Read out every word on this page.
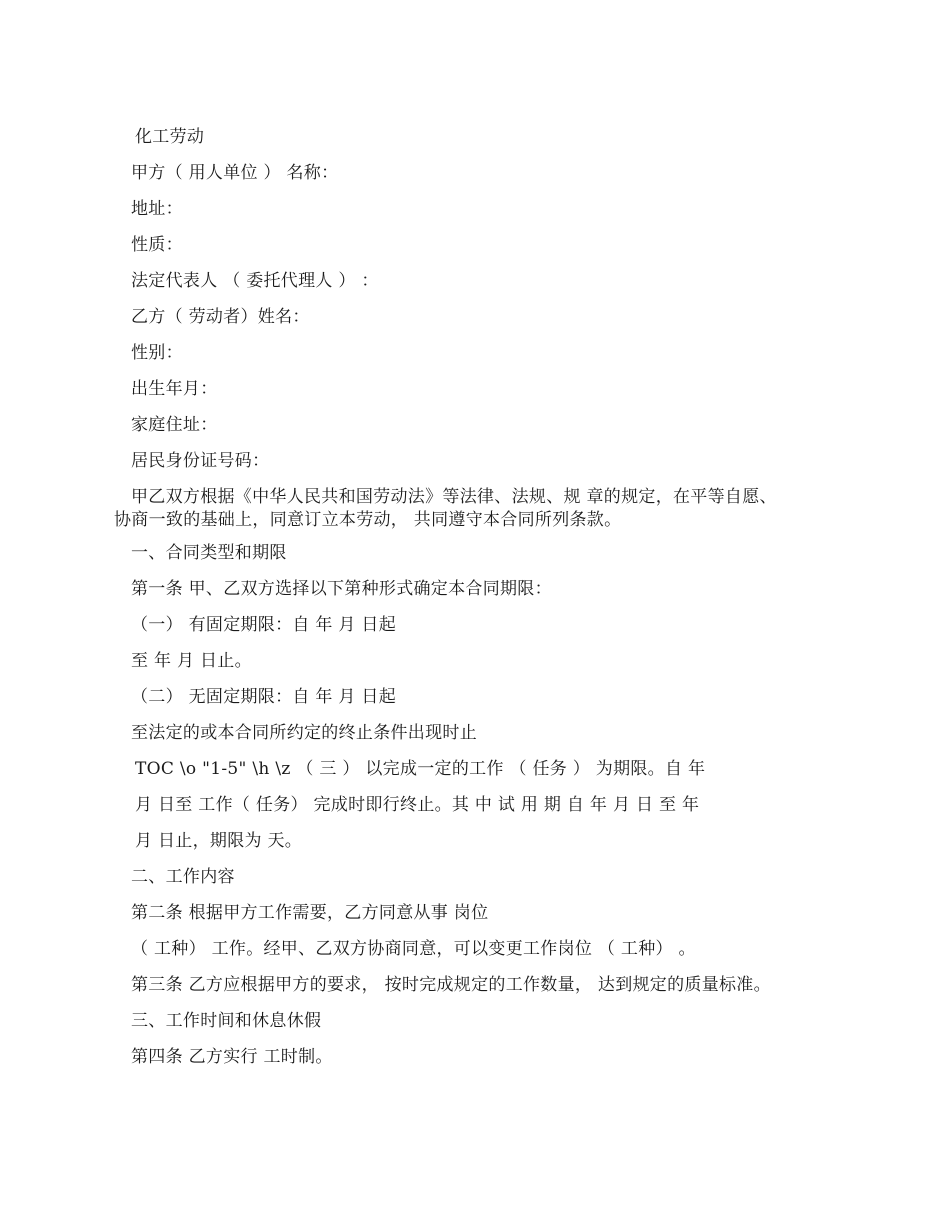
化工劳动

甲方（ 用人单位 ） 名称：

地址：

性质：

法定代表人 （ 委托代理人 ） ：

乙方（ 劳动者）姓名：

性别：

出生年月：

家庭住址：

居民身份证号码：

甲乙双方根据《中华人民共和国劳动法》等法律、法规、规 章的规定，在平等自愿、

协商一致的基础上，同意订立本劳动， 共同遵守本合同所列条款。

一、合同类型和期限

第一条 甲、乙双方选择以下第种形式确定本合同期限：

（一） 有固定期限：自 年 月 日起

至 年 月 日止。

（二） 无固定期限：自 年 月 日起

至法定的或本合同所约定的终止条件出现时止

TOC \o "1-5" \h \z （ 三 ） 以完成一定的工作 （ 任务 ） 为期限。自 年

月 日至 工作（ 任务） 完成时即行终止。其 中 试 用 期 自 年 月 日 至 年

月 日止，期限为 天。

二、工作内容

第二条 根据甲方工作需要，乙方同意从事 岗位

（ 工种） 工作。经甲、乙双方协商同意，可以变更工作岗位 （ 工种） 。

第三条 乙方应根据甲方的要求， 按时完成规定的工作数量， 达到规定的质量标准。

三、工作时间和休息休假

第四条 乙方实行 工时制。
